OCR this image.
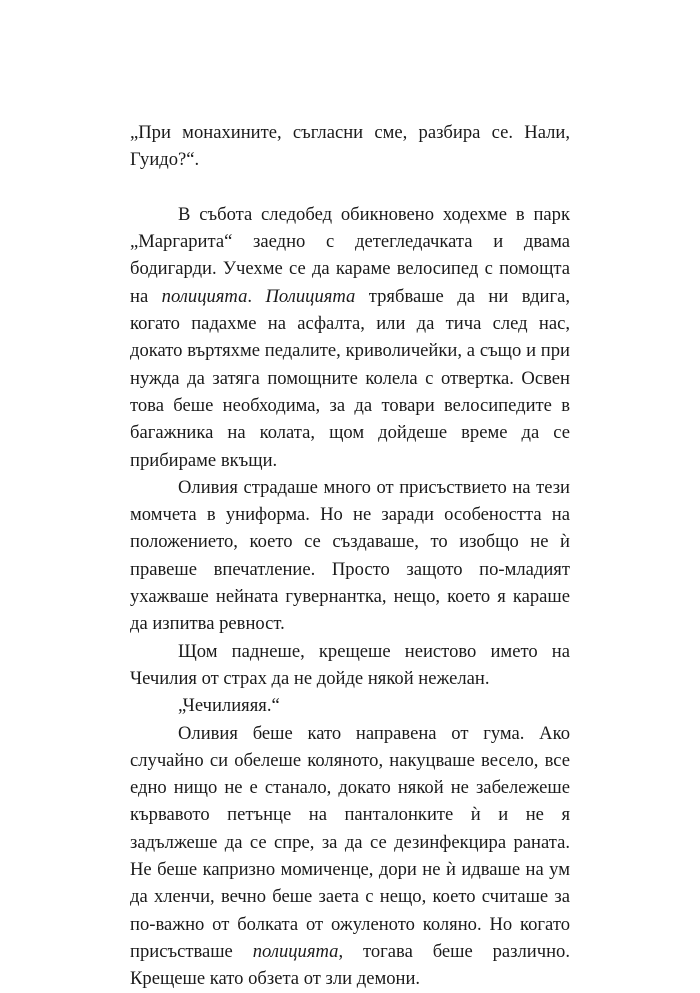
„При монахините, съгласни сме, разбира се. Нали, Гуидо?“.

В събота следобед обикновено ходехме в парк „Маргарита“ заедно с детегледачката и двама бодигарди. Учехме се да караме велосипед с помощта на полицията. Полицията трябваше да ни вдига, когато падахме на асфалта, или да тича след нас, докато въртяхме педалите, криволичейки, а също и при нужда да затяга помощните колела с отвертка. Освен това беше необходима, за да товари велосипедите в багажника на колата, щом дойдеше време да се прибираме вкъщи.

Оливия страдаше много от присъствието на тези момчета в униформа. Но не заради особеността на положението, което се създаваше, то изобщо не ѝ правеше впечатление. Просто защото по-младият ухажваше нейната гувернантка, нещо, което я караше да изпитва ревност.

Щом паднеше, крещеше неистово името на Чечилия от страх да не дойде някой нежелан.

„Чечилияяя.“

Оливия беше като направена от гума. Ако случайно си обелеше коляното, накуцваше весело, все едно нищо не е станало, докато някой не забележеше кървавото петънце на панталонките ѝ и не я задължеше да се спре, за да се дезинфекцира раната. Не беше капризно момиченце, дори не ѝ идваше на ум да хленчи, вечно беше заета с нещо, което считаше за по-важно от болката от ожуленото коляно. Но когато присъстваше полицията, тогава беше различно. Крещеше като обзета от зли демони.
